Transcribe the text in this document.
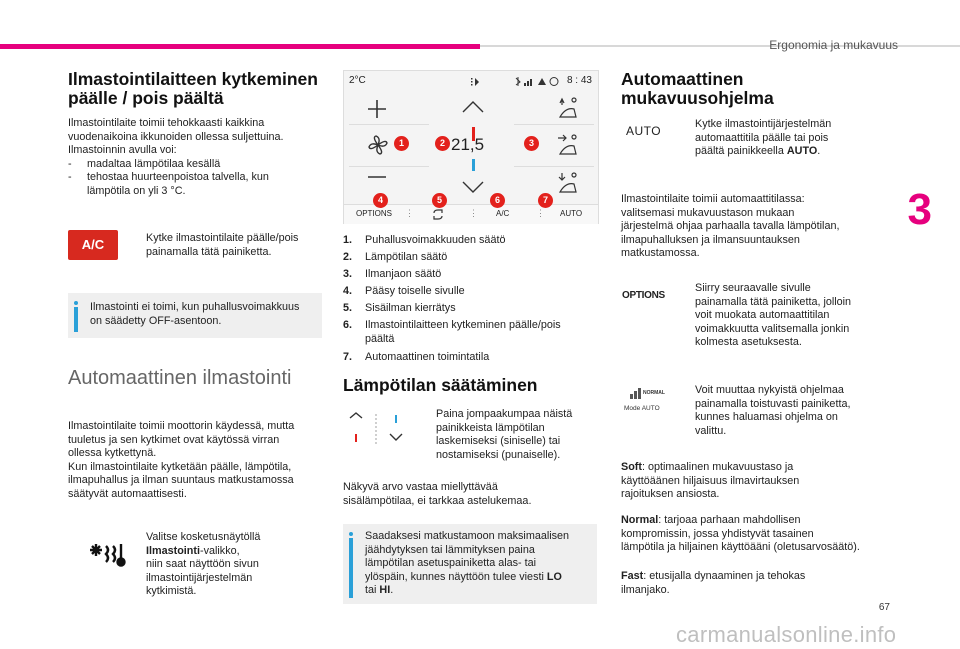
Ergonomia ja mukavuus
3
67
carmanualsonline.info
Ilmastointilaitteen kytkeminen
päälle / pois päältä
Ilmastointilaite toimii tehokkaasti kaikkina
vuodenaikoina ikkunoiden ollessa suljettuina.
Ilmastoinnin avulla voi:
- madaltaa lämpötilaa kesällä
- tehostaa huurteenpoistoa talvella, kun
lämpötila on yli 3 °C.
A/C	Kytke ilmastointilaite päälle/pois
painamalla tätä painiketta.
Ilmastointi ei toimi, kun puhallusvoimakkuus
on säädetty OFF-asentoon.
Automaattinen ilmastointi
Ilmastointilaite toimii moottorin käydessä, mutta
tuuletus ja sen kytkimet ovat käytössä virran
ollessa kytkettynä.
Kun ilmastointilaite kytketään päälle, lämpötila,
ilmapuhallus ja ilman suuntaus matkustamossa
säätyvät automaattisesti.
Valitse kosketusnäytöllä
Ilmastointi-valikko,
niin saat näyttöön sivun
ilmastointijärjestelmän
kytkimistä.
2°C	8 : 43
21,5
OPTIONS ⋮	⋮ A/C	⋮ AUTO
1	2	3
4	5	6	7
1. Puhallusvoimakkuuden säätö
2. Lämpötilan säätö
3. Ilmanjaon säätö
4. Pääsy toiselle sivulle
5. Sisäilman kierrätys
6. Ilmastointilaitteen kytkeminen päälle/pois
päältä
7. Automaattinen toimintatila
Lämpötilan säätäminen
Paina jompaakumpaa näistä
painikkeista lämpötilan
laskemiseksi (siniselle) tai
nostamiseksi (punaiselle).
Näkyvä arvo vastaa miellyttävää
sisälämpötilaa, ei tarkkaa astelukemaa.
Saadaksesi matkustamoon maksimaalisen
jäähdytyksen tai lämmityksen paina
lämpötilan asetuspainiketta alas- tai
ylöspäin, kunnes näyttöön tulee viesti LO
tai HI.
Automaattinen
mukavuusohjelma
AUTO	Kytke ilmastointijärjestelmän
automaattitila päälle tai pois
päältä painikkeella AUTO.
Ilmastointilaite toimii automaattitilassa:
valitsemasi mukavuustason mukaan
järjestelmä ohjaa parhaalla tavalla lämpötilan,
ilmapuhalluksen ja ilmansuuntauksen
matkustamossa.
OPTIONS
Siirry seuraavalle sivulle
painamalla tätä painiketta, jolloin
voit muokata automaattitilan
voimakkuutta valitsemalla jonkin
kolmesta asetuksesta.
NORMAL
Mode AUTO
Voit muuttaa nykyistä ohjelmaa
painamalla toistuvasti painiketta,
kunnes haluamasi ohjelma on
valittu.
Soft: optimaalinen mukavuustaso ja
käyttöäänen hiljaisuus ilmavirtauksen
rajoituksen ansiosta.
Normal: tarjoaa parhaan mahdollisen
kompromissin, jossa yhdistyvät tasainen
lämpötila ja hiljainen käyttöääni (oletusarvosäätö).
Fast: etusijalla dynaaminen ja tehokas
ilmanjako.
